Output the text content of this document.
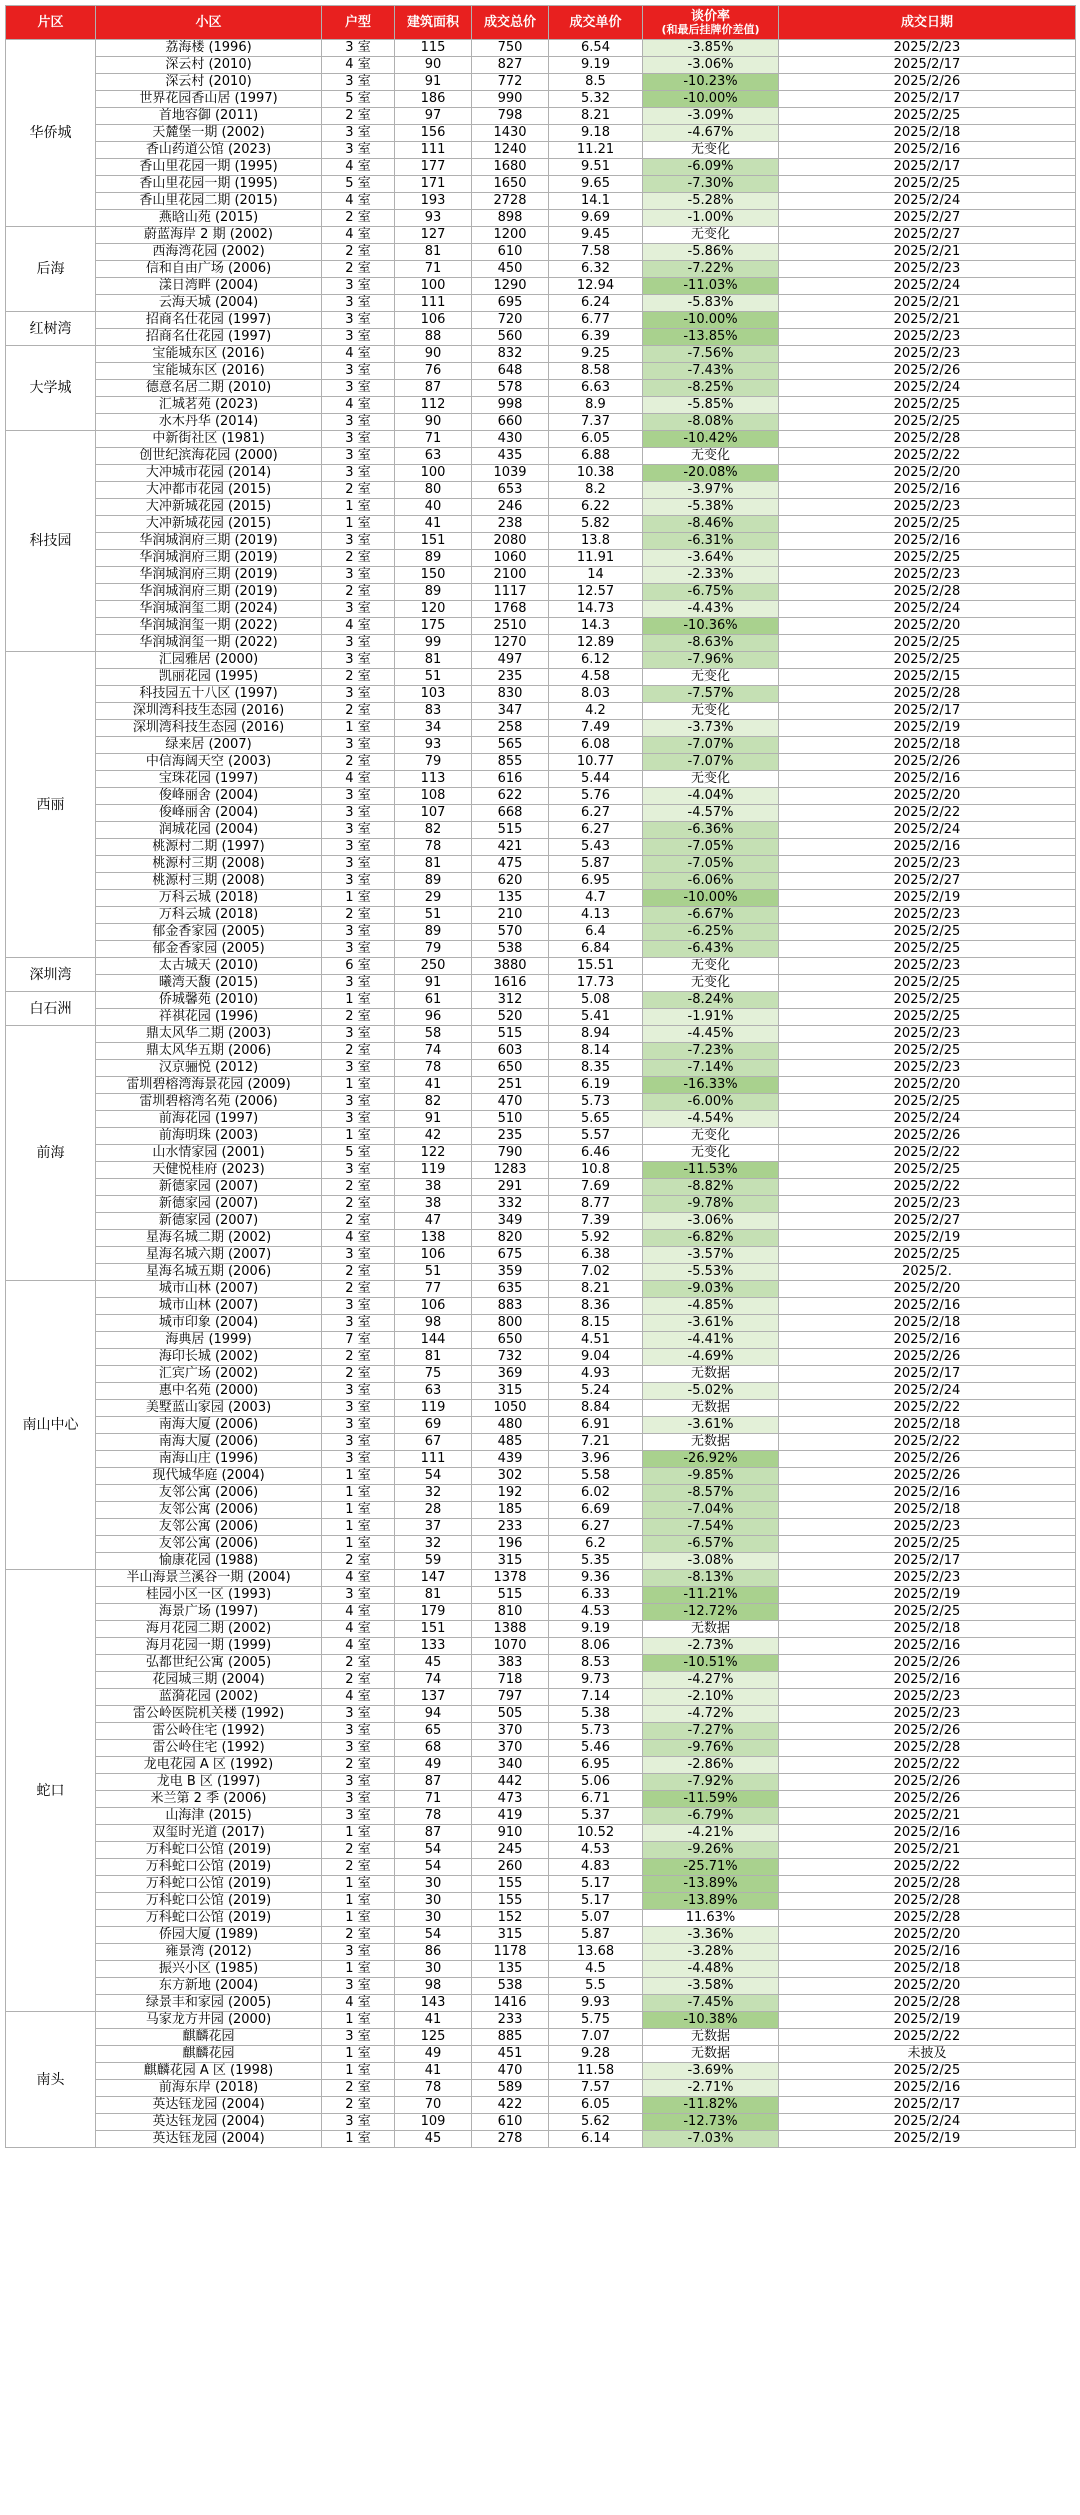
片区	小区	户型	建筑面积	成交总价	成交单价	谈价率
(和最后挂牌价差值)	成交日期
华侨城	荔海楼 (1996)	3 室	115	750	6.54	-3.85%	2025/2/23
	深云村 (2010)	4 室	90	827	9.19	-3.06%	2025/2/17
	深云村 (2010)	3 室	91	772	8.5	-10.23%	2025/2/26
	世界花园香山居 (1997)	5 室	186	990	5.32	-10.00%	2025/2/17
	首地容御 (2011)	2 室	97	798	8.21	-3.09%	2025/2/25
	天麓堡一期 (2002)	3 室	156	1430	9.18	-4.67%	2025/2/18
	香山药道公馆 (2023)	3 室	111	1240	11.21	无变化	2025/2/16
	香山里花园一期 (1995)	4 室	177	1680	9.51	-6.09%	2025/2/17
	香山里花园一期 (1995)	5 室	171	1650	9.65	-7.30%	2025/2/25
	香山里花园二期 (2015)	4 室	193	2728	14.1	-5.28%	2025/2/24
	燕晗山苑 (2015)	2 室	93	898	9.69	-1.00%	2025/2/27
后海	蔚蓝海岸 2 期 (2002)	4 室	127	1200	9.45	无变化	2025/2/27
	西海湾花园 (2002)	2 室	81	610	7.58	-5.86%	2025/2/21
	信和自由广场 (2006)	2 室	71	450	6.32	-7.22%	2025/2/23
	漾日湾畔 (2004)	3 室	100	1290	12.94	-11.03%	2025/2/24
	云海天城 (2004)	3 室	111	695	6.24	-5.83%	2025/2/21
红树湾	招商名仕花园 (1997)	3 室	106	720	6.77	-10.00%	2025/2/21
	招商名仕花园 (1997)	3 室	88	560	6.39	-13.85%	2025/2/23
大学城	宝能城东区 (2016)	4 室	90	832	9.25	-7.56%	2025/2/23
	宝能城东区 (2016)	3 室	76	648	8.58	-7.43%	2025/2/26
	德意名居二期 (2010)	3 室	87	578	6.63	-8.25%	2025/2/24
	汇城茗苑 (2023)	4 室	112	998	8.9	-5.85%	2025/2/25
	水木丹华 (2014)	3 室	90	660	7.37	-8.08%	2025/2/25
科技园	中新街社区 (1981)	3 室	71	430	6.05	-10.42%	2025/2/28
	创世纪滨海花园 (2000)	3 室	63	435	6.88	无变化	2025/2/22
	大冲城市花园 (2014)	3 室	100	1039	10.38	-20.08%	2025/2/20
	大冲都市花园 (2015)	2 室	80	653	8.2	-3.97%	2025/2/16
	大冲新城花园 (2015)	1 室	40	246	6.22	-5.38%	2025/2/23
	大冲新城花园 (2015)	1 室	41	238	5.82	-8.46%	2025/2/25
	华润城润府三期 (2019)	3 室	151	2080	13.8	-6.31%	2025/2/16
	华润城润府三期 (2019)	2 室	89	1060	11.91	-3.64%	2025/2/25
	华润城润府三期 (2019)	3 室	150	2100	14	-2.33%	2025/2/23
	华润城润府三期 (2019)	2 室	89	1117	12.57	-6.75%	2025/2/28
	华润城润玺二期 (2024)	3 室	120	1768	14.73	-4.43%	2025/2/24
	华润城润玺一期 (2022)	4 室	175	2510	14.3	-10.36%	2025/2/20
	华润城润玺一期 (2022)	3 室	99	1270	12.89	-8.63%	2025/2/25
西丽	汇园雅居 (2000)	3 室	81	497	6.12	-7.96%	2025/2/25
	凯丽花园 (1995)	2 室	51	235	4.58	无变化	2025/2/15
	科技园五十八区 (1997)	3 室	103	830	8.03	-7.57%	2025/2/28
	深圳湾科技生态园 (2016)	2 室	83	347	4.2	无变化	2025/2/17
	深圳湾科技生态园 (2016)	1 室	34	258	7.49	-3.73%	2025/2/19
	绿来居 (2007)	3 室	93	565	6.08	-7.07%	2025/2/18
	中信海阔天空 (2003)	2 室	79	855	10.77	-7.07%	2025/2/26
	宝珠花园 (1997)	4 室	113	616	5.44	无变化	2025/2/16
	俊峰丽舍 (2004)	3 室	108	622	5.76	-4.04%	2025/2/20
	俊峰丽舍 (2004)	3 室	107	668	6.27	-4.57%	2025/2/22
	润城花园 (2004)	3 室	82	515	6.27	-6.36%	2025/2/24
	桃源村二期 (1997)	3 室	78	421	5.43	-7.05%	2025/2/16
	桃源村三期 (2008)	3 室	81	475	5.87	-7.05%	2025/2/23
	桃源村三期 (2008)	3 室	89	620	6.95	-6.06%	2025/2/27
	万科云城 (2018)	1 室	29	135	4.7	-10.00%	2025/2/19
	万科云城 (2018)	2 室	51	210	4.13	-6.67%	2025/2/23
	郁金香家园 (2005)	3 室	89	570	6.4	-6.25%	2025/2/25
	郁金香家园 (2005)	3 室	79	538	6.84	-6.43%	2025/2/25
深圳湾	太古城天 (2010)	6 室	250	3880	15.51	无变化	2025/2/23
	曦湾天馥 (2015)	3 室	91	1616	17.73	无变化	2025/2/25
白石洲	侨城馨苑 (2010)	1 室	61	312	5.08	-8.24%	2025/2/25
	祥祺花园 (1996)	2 室	96	520	5.41	-1.91%	2025/2/25
前海	鼎太风华二期 (2003)	3 室	58	515	8.94	-4.45%	2025/2/23
	鼎太风华五期 (2006)	2 室	74	603	8.14	-7.23%	2025/2/25
	汉京骊悦 (2012)	3 室	78	650	8.35	-7.14%	2025/2/23
	雷圳碧榕湾海景花园 (2009)	1 室	41	251	6.19	-16.33%	2025/2/20
	雷圳碧榕湾名苑 (2006)	3 室	82	470	5.73	-6.00%	2025/2/25
	前海花园 (1997)	3 室	91	510	5.65	-4.54%	2025/2/24
	前海明珠 (2003)	1 室	42	235	5.57	无变化	2025/2/26
	山水情家园 (2001)	5 室	122	790	6.46	无变化	2025/2/22
	天健悦桂府 (2023)	3 室	119	1283	10.8	-11.53%	2025/2/25
	新德家园 (2007)	2 室	38	291	7.69	-8.82%	2025/2/22
	新德家园 (2007)	2 室	38	332	8.77	-9.78%	2025/2/23
	新德家园 (2007)	2 室	47	349	7.39	-3.06%	2025/2/27
	星海名城二期 (2002)	4 室	138	820	5.92	-6.82%	2025/2/19
	星海名城六期 (2007)	3 室	106	675	6.38	-3.57%	2025/2/25
	星海名城五期 (2006)	2 室	51	359	7.02	-5.53%	2025/2.
南山中心	城市山林 (2007)	2 室	77	635	8.21	-9.03%	2025/2/20
	城市山林 (2007)	3 室	106	883	8.36	-4.85%	2025/2/16
	城市印象 (2004)	3 室	98	800	8.15	-3.61%	2025/2/18
	海典居 (1999)	7 室	144	650	4.51	-4.41%	2025/2/16
	海印长城 (2002)	2 室	81	732	9.04	-4.69%	2025/2/26
	汇宾广场 (2002)	2 室	75	369	4.93	无数据	2025/2/17
	惠中名苑 (2000)	3 室	63	315	5.24	-5.02%	2025/2/24
	美墅蓝山家园 (2003)	3 室	119	1050	8.84	无数据	2025/2/22
	南海大厦 (2006)	3 室	69	480	6.91	-3.61%	2025/2/18
	南海大厦 (2006)	3 室	67	485	7.21	无数据	2025/2/22
	南海山庄 (1996)	3 室	111	439	3.96	-26.92%	2025/2/26
	现代城华庭 (2004)	1 室	54	302	5.58	-9.85%	2025/2/26
	友邻公寓 (2006)	1 室	32	192	6.02	-8.57%	2025/2/16
	友邻公寓 (2006)	1 室	28	185	6.69	-7.04%	2025/2/18
	友邻公寓 (2006)	1 室	37	233	6.27	-7.54%	2025/2/23
	友邻公寓 (2006)	1 室	32	196	6.2	-6.57%	2025/2/25
	愉康花园 (1988)	2 室	59	315	5.35	-3.08%	2025/2/17
蛇口	半山海景兰溪谷一期 (2004)	4 室	147	1378	9.36	-8.13%	2025/2/23
	桂园小区一区 (1993)	3 室	81	515	6.33	-11.21%	2025/2/19
	海景广场 (1997)	4 室	179	810	4.53	-12.72%	2025/2/25
	海月花园二期 (2002)	4 室	151	1388	9.19	无数据	2025/2/18
	海月花园一期 (1999)	4 室	133	1070	8.06	-2.73%	2025/2/16
	弘都世纪公寓 (2005)	2 室	45	383	8.53	-10.51%	2025/2/26
	花园城三期 (2004)	2 室	74	718	9.73	-4.27%	2025/2/16
	蓝漪花园 (2002)	4 室	137	797	7.14	-2.10%	2025/2/23
	雷公岭医院机关楼 (1992)	3 室	94	505	5.38	-4.72%	2025/2/23
	雷公岭住宅 (1992)	3 室	65	370	5.73	-7.27%	2025/2/26
	雷公岭住宅 (1992)	3 室	68	370	5.46	-9.76%	2025/2/28
	龙电花园 A 区 (1992)	2 室	49	340	6.95	-2.86%	2025/2/22
	龙电 B 区 (1997)	3 室	87	442	5.06	-7.92%	2025/2/26
	米兰第 2 季 (2006)	3 室	71	473	6.71	-11.59%	2025/2/26
	山海津 (2015)	3 室	78	419	5.37	-6.79%	2025/2/21
	双玺时光道 (2017)	1 室	87	910	10.52	-4.21%	2025/2/16
	万科蛇口公馆 (2019)	2 室	54	245	4.53	-9.26%	2025/2/21
	万科蛇口公馆 (2019)	2 室	54	260	4.83	-25.71%	2025/2/22
	万科蛇口公馆 (2019)	1 室	30	155	5.17	-13.89%	2025/2/28
	万科蛇口公馆 (2019)	1 室	30	155	5.17	-13.89%	2025/2/28
	万科蛇口公馆 (2019)	1 室	30	152	5.07	11.63%	2025/2/28
	侨园大厦 (1989)	2 室	54	315	5.87	-3.36%	2025/2/20
	雍景湾 (2012)	3 室	86	1178	13.68	-3.28%	2025/2/16
	振兴小区 (1985)	1 室	30	135	4.5	-4.48%	2025/2/18
	东方新地 (2004)	3 室	98	538	5.5	-3.58%	2025/2/20
	绿景丰和家园 (2005)	4 室	143	1416	9.93	-7.45%	2025/2/28
南头	马家龙方井园 (2000)	1 室	41	233	5.75	-10.38%	2025/2/19
	麒麟花园	3 室	125	885	7.07	无数据	2025/2/22
	麒麟花园	1 室	49	451	9.28	无数据	未披及
	麒麟花园 A 区 (1998)	1 室	41	470	11.58	-3.69%	2025/2/25
	前海东岸 (2018)	2 室	78	589	7.57	-2.71%	2025/2/16
	英达钰龙园 (2004)	2 室	70	422	6.05	-11.82%	2025/2/17
	英达钰龙园 (2004)	3 室	109	610	5.62	-12.73%	2025/2/24
	英达钰龙园 (2004)	1 室	45	278	6.14	-7.03%	2025/2/19
